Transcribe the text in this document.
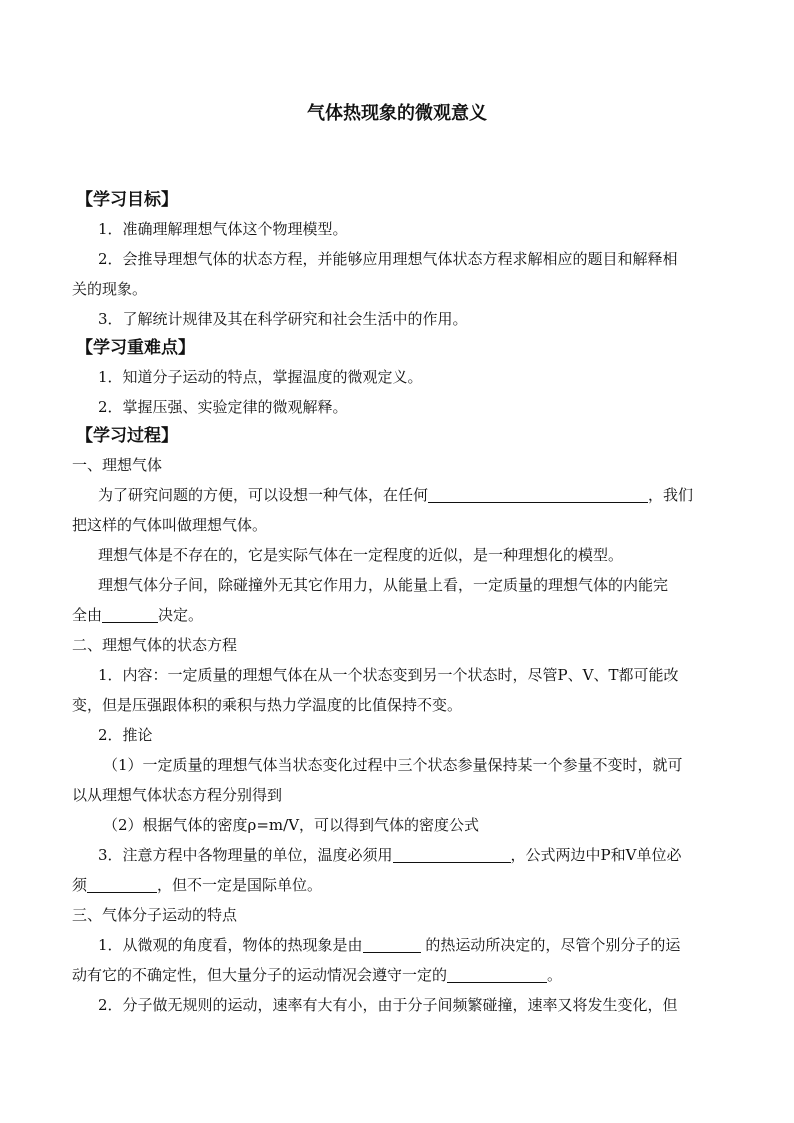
气体热现象的微观意义
【学习目标】
1．准确理解理想气体这个物理模型。
2．会推导理想气体的状态方程，并能够应用理想气体状态方程求解相应的题目和解释相
关的现象。
3．了解统计规律及其在科学研究和社会生活中的作用。
【学习重难点】
1．知道分子运动的特点，掌握温度的微观定义。
2．掌握压强、实验定律的微观解释。
【学习过程】
一、理想气体
为了研究问题的方便，可以设想一种气体，在任何	，我们
把这样的气体叫做理想气体。
理想气体是不存在的，它是实际气体在一定程度的近似，是一种理想化的模型。
理想气体分子间，除碰撞外无其它作用力，从能量上看，一定质量的理想气体的内能完
全由	决定。
二、理想气体的状态方程
1．内容：一定质量的理想气体在从一个状态变到另一个状态时，尽管P、V、T都可能改
变，但是压强跟体积的乘积与热力学温度的比值保持不变。
2．推论
（1）一定质量的理想气体当状态变化过程中三个状态参量保持某一个参量不变时，就可
以从理想气体状态方程分别得到
（2）根据气体的密度ρ=m/V，可以得到气体的密度公式
3．注意方程中各物理量的单位，温度必须用	，公式两边中P和V单位必
须	，但不一定是国际单位。
三、气体分子运动的特点
1．从微观的角度看，物体的热现象是由	的热运动所决定的，尽管个别分子的运
动有它的不确定性，但大量分子的运动情况会遵守一定的	。
2．分子做无规则的运动，速率有大有小，由于分子间频繁碰撞，速率又将发生变化，但
